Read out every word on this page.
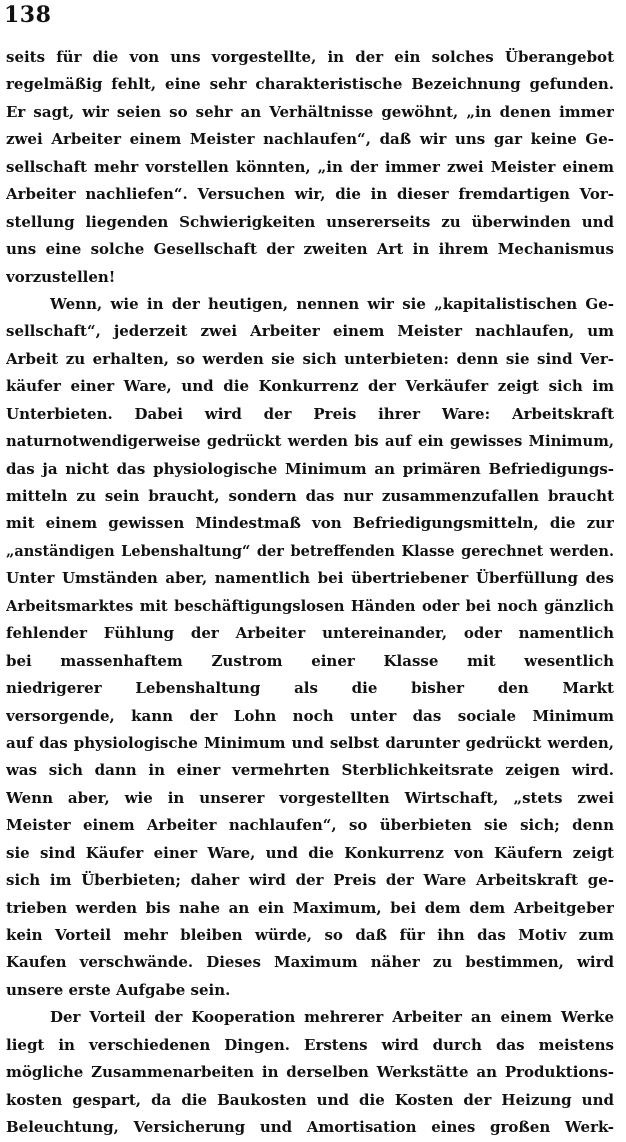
138
seits für die von uns vorgestellte, in der ein solches Überangebot
regelmäßig fehlt, eine sehr charakteristische Bezeichnung gefunden.
Er sagt, wir seien so sehr an Verhältnisse gewöhnt, „in denen immer
zwei Arbeiter einem Meister nachlaufen“, daß wir uns gar keine Ge-
sellschaft mehr vorstellen könnten, „in der immer zwei Meister einem
Arbeiter nachliefen“. Versuchen wir, die in dieser fremdartigen Vor-
stellung liegenden Schwierigkeiten unsererseits zu überwinden und
uns eine solche Gesellschaft der zweiten Art in ihrem Mechanismus
vorzustellen!
Wenn, wie in der heutigen, nennen wir sie „kapitalistischen Ge-
sellschaft“, jederzeit zwei Arbeiter einem Meister nachlaufen, um
Arbeit zu erhalten, so werden sie sich unterbieten: denn sie sind Ver-
käufer einer Ware, und die Konkurrenz der Verkäufer zeigt sich im
Unterbieten. Dabei wird der Preis ihrer Ware: Arbeitskraft
naturnotwendigerweise gedrückt werden bis auf ein gewisses Minimum,
das ja nicht das physiologische Minimum an primären Befriedigungs-
mitteln zu sein braucht, sondern das nur zusammenzufallen braucht
mit einem gewissen Mindestmaß von Befriedigungsmitteln, die zur
„anständigen Lebenshaltung“ der betreffenden Klasse gerechnet werden.
Unter Umständen aber, namentlich bei übertriebener Überfüllung des
Arbeitsmarktes mit beschäftigungslosen Händen oder bei noch gänzlich
fehlender Fühlung der Arbeiter untereinander, oder namentlich
bei massenhaftem Zustrom einer Klasse mit wesentlich
niedrigerer Lebenshaltung als die bisher den Markt
versorgende, kann der Lohn noch unter das sociale Minimum
auf das physiologische Minimum und selbst darunter gedrückt werden,
was sich dann in einer vermehrten Sterblichkeitsrate zeigen wird.
Wenn aber, wie in unserer vorgestellten Wirtschaft, „stets zwei
Meister einem Arbeiter nachlaufen“, so überbieten sie sich; denn
sie sind Käufer einer Ware, und die Konkurrenz von Käufern zeigt
sich im Überbieten; daher wird der Preis der Ware Arbeitskraft ge-
trieben werden bis nahe an ein Maximum, bei dem dem Arbeitgeber
kein Vorteil mehr bleiben würde, so daß für ihn das Motiv zum
Kaufen verschwände. Dieses Maximum näher zu bestimmen, wird
unsere erste Aufgabe sein.
Der Vorteil der Kooperation mehrerer Arbeiter an einem Werke
liegt in verschiedenen Dingen. Erstens wird durch das meistens
mögliche Zusammenarbeiten in derselben Werkstätte an Produktions-
kosten gespart, da die Baukosten und die Kosten der Heizung und
Beleuchtung, Versicherung und Amortisation eines großen Werk-
